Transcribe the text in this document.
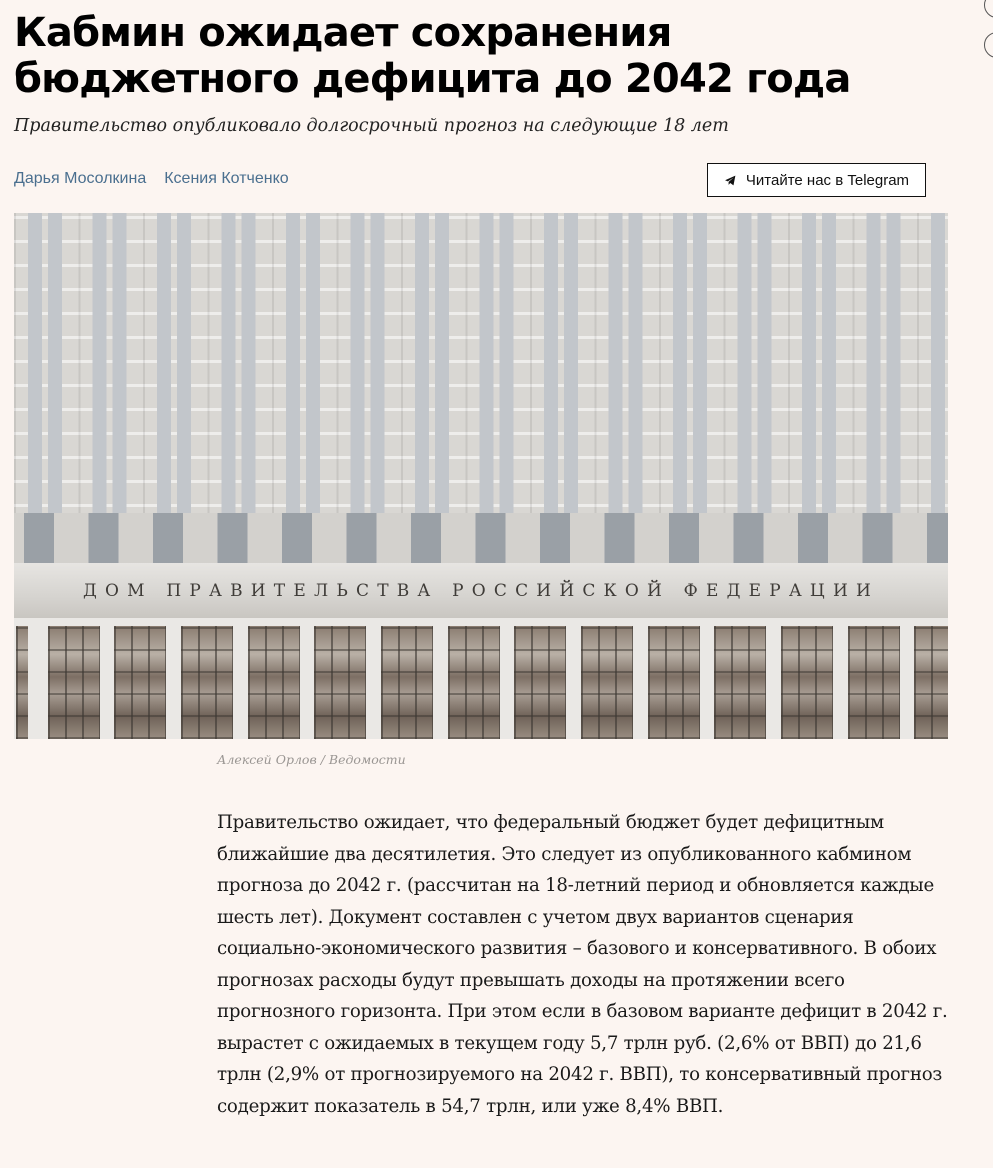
Кабмин ожидает сохранения бюджетного дефицита до 2042 года
Правительство опубликовало долгосрочный прогноз на следующие 18 лет
Дарья Мосолкина Ксения Котченко	Читайте нас в Telegram
ДОМ ПРАВИТЕЛЬСТВА РОССИЙСКОЙ ФЕДЕРАЦИИ
Алексей Орлов / Ведомости

Правительство ожидает, что федеральный бюджет будет дефицитным ближайшие два десятилетия. Это следует из опубликованного кабмином прогноза до 2042 г. (рассчитан на 18-летний период и обновляется каждые шесть лет). Документ составлен с учетом двух вариантов сценария социально-экономического развития – базового и консервативного. В обоих прогнозах расходы будут превышать доходы на протяжении всего прогнозного горизонта. При этом если в базовом варианте дефицит в 2042 г. вырастет с ожидаемых в текущем году 5,7 трлн руб. (2,6% от ВВП) до 21,6 трлн (2,9% от прогнозируемого на 2042 г. ВВП), то консервативный прогноз содержит показатель в 54,7 трлн, или уже 8,4% ВВП.
